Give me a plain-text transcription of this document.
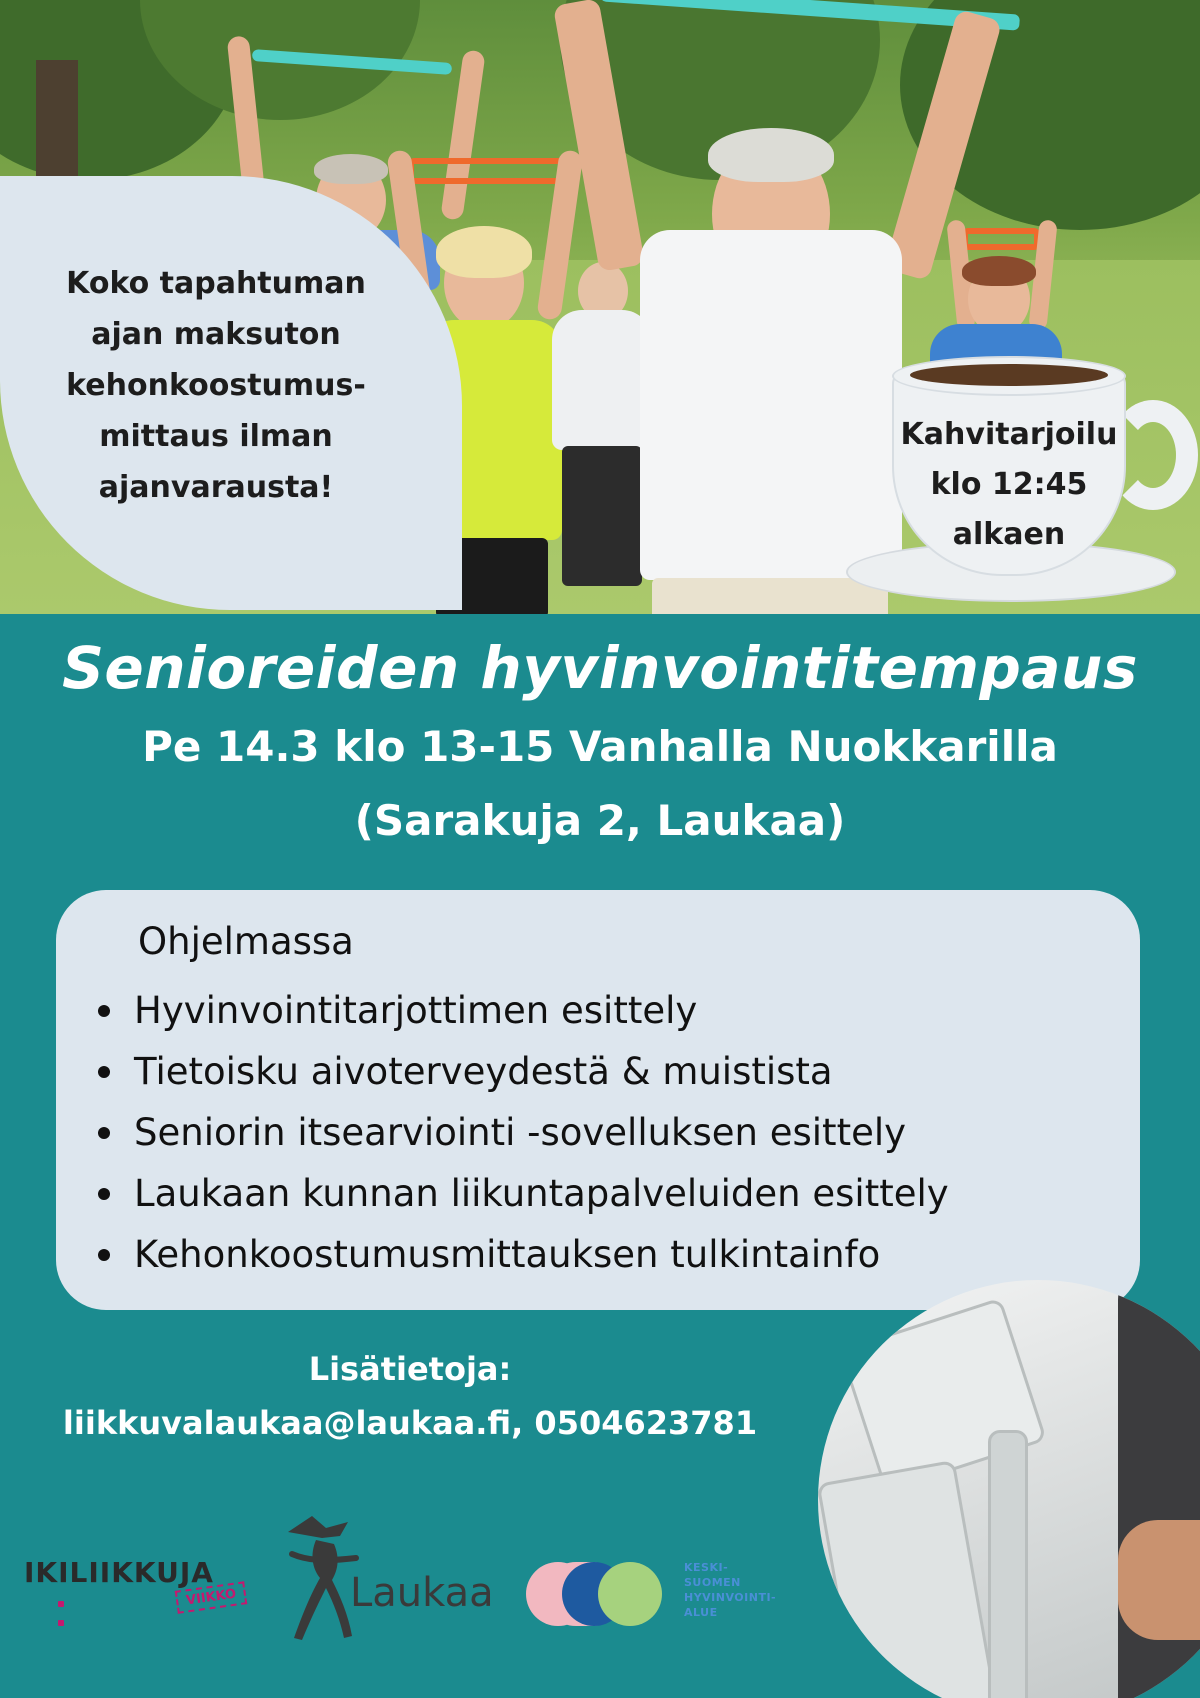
Koko tapahtuman
ajan maksuton
kehonkoostumus-
mittaus ilman
ajanvarausta!
Kahvitarjoilu
klo 12:45
alkaen
Senioreiden hyvinvointitempaus
Pe 14.3 klo 13-15 Vanhalla Nuokkarilla
(Sarakuja 2, Laukaa)
Ohjelmassa
Hyvinvointitarjottimen esittely
Tietoisku aivoterveydestä & muistista
Seniorin itsearviointi -sovelluksen esittely
Laukaan kunnan liikuntapalveluiden esittely
Kehonkoostumusmittauksen tulkintainfo
Lisätietoja:
liikkuvalaukaa@laukaa.fi, 0504623781
IKILIIKKUJA
VIIKKO	Laukaa
KESKI-
SUOMEN
HYVINVOINTI-
ALUE
